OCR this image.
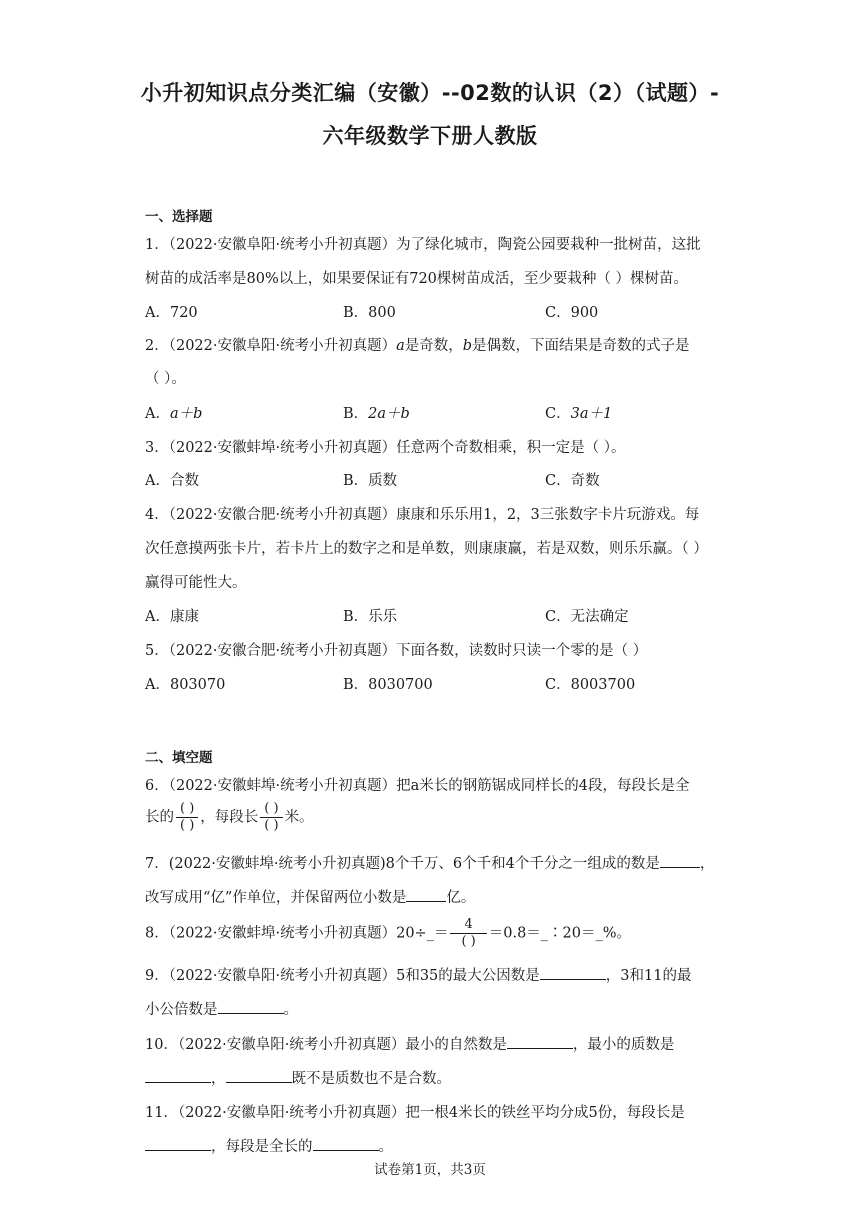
小升初知识点分类汇编（安徽）--02数的认识（2）（试题）-
六年级数学下册人教版
一、选择题
1．（2022·安徽阜阳·统考小升初真题）为了绿化城市，陶瓷公园要栽种一批树苗，这批
树苗的成活率是80%以上，如果要保证有720棵树苗成活，至少要栽种（ ）棵树苗。
A．720	B．800	C．900
2．（2022·安徽阜阳·统考小升初真题）a是奇数，b是偶数，下面结果是奇数的式子是
（ ）。
A．a＋b	B．2a＋b	C．3a＋1
3．（2022·安徽蚌埠·统考小升初真题）任意两个奇数相乘，积一定是（ ）。
A．合数	B．质数	C．奇数
4．（2022·安徽合肥·统考小升初真题）康康和乐乐用1，2，3三张数字卡片玩游戏。每
次任意摸两张卡片，若卡片上的数字之和是单数，则康康赢，若是双数，则乐乐赢。（ ）
赢得可能性大。
A．康康	B．乐乐	C．无法确定
5．（2022·安徽合肥·统考小升初真题）下面各数，读数时只读一个零的是（ ）
A．803070	B．8030700	C．8003700
二、填空题
6．（2022·安徽蚌埠·统考小升初真题）把a米长的钢筋锯成同样长的4段，每段长是全
长的 $\frac{( )}{( )}$ ，每段长 $\frac{( )}{( )}$ 米。
7．(2022·安徽蚌埠·统考小升初真题)8个千万、6个千和4个千分之一组成的数是	，
改写成用“亿”作单位，并保留两位小数是	亿。
8．（2022·安徽蚌埠·统考小升初真题）20÷_＝ $\frac{4}{( )}$ ＝0.8＝_∶20＝_%。
9．（2022·安徽阜阳·统考小升初真题）5和35的最大公因数是	，3和11的最
小公倍数是	。
10．（2022·安徽阜阳·统考小升初真题）最小的自然数是	，最小的质数是
，	既不是质数也不是合数。
11．（2022·安徽阜阳·统考小升初真题）把一根4米长的铁丝平均分成5份，每段长是
，每段是全长的	。
试卷第1页，共3页
